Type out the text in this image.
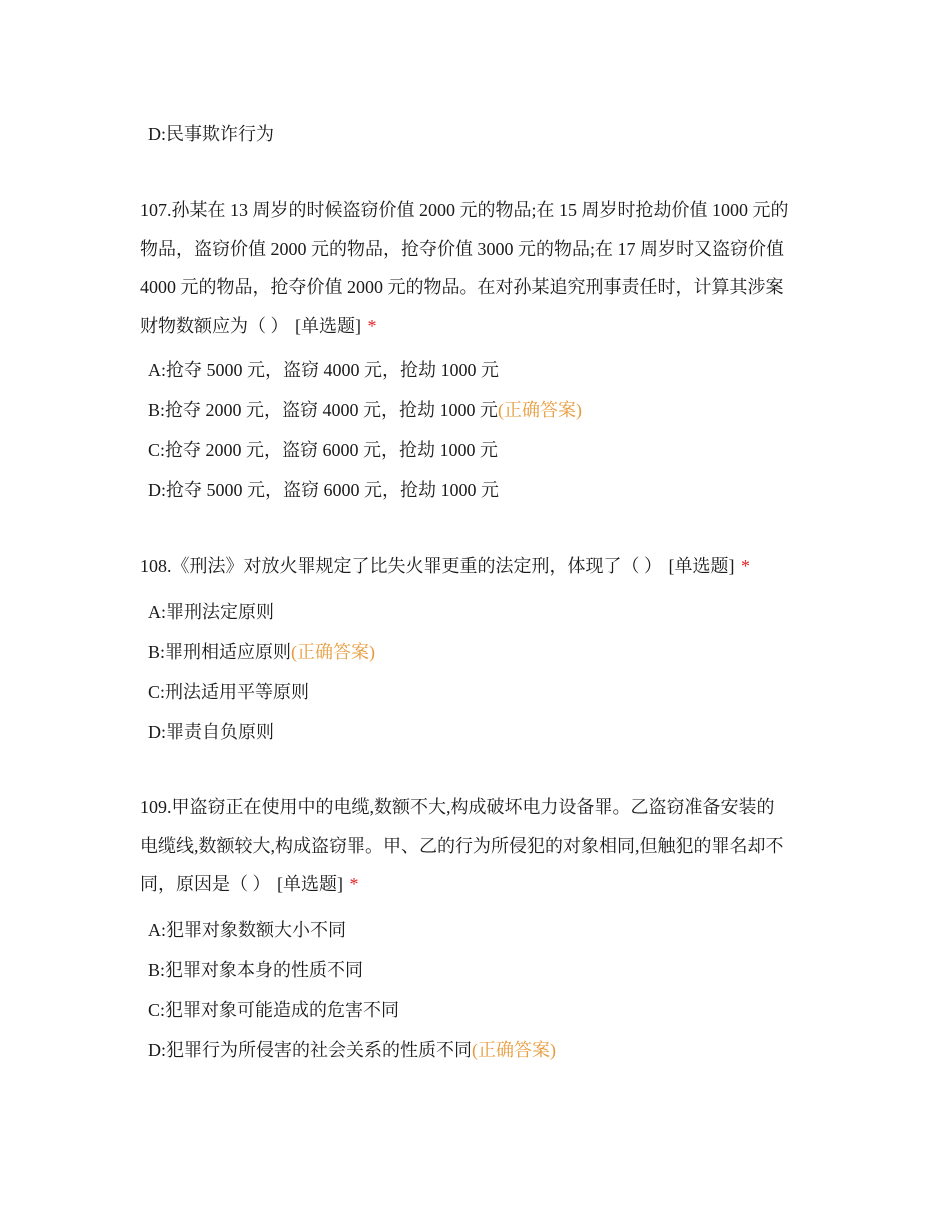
D:民事欺诈行为
107.孙某在 13 周岁的时候盗窃价值 2000 元的物品;在 15 周岁时抢劫价值 1000 元的
物品，盗窃价值 2000 元的物品，抢夺价值 3000 元的物品;在 17 周岁时又盗窃价值
4000 元的物品，抢夺价值 2000 元的物品。在对孙某追究刑事责任时，计算其涉案
财物数额应为（ ） [单选题] *
A:抢夺 5000 元，盗窃 4000 元，抢劫 1000 元
B:抢夺 2000 元，盗窃 4000 元，抢劫 1000 元(正确答案)
C:抢夺 2000 元，盗窃 6000 元，抢劫 1000 元
D:抢夺 5000 元，盗窃 6000 元，抢劫 1000 元
108.《刑法》对放火罪规定了比失火罪更重的法定刑，体现了（ ） [单选题] *
A:罪刑法定原则
B:罪刑相适应原则(正确答案)
C:刑法适用平等原则
D:罪责自负原则
109.甲盗窃正在使用中的电缆,数额不大,构成破坏电力设备罪。乙盗窃准备安装的
电缆线,数额较大,构成盗窃罪。甲、乙的行为所侵犯的对象相同,但触犯的罪名却不
同，原因是（ ） [单选题] *
A:犯罪对象数额大小不同
B:犯罪对象本身的性质不同
C:犯罪对象可能造成的危害不同
D:犯罪行为所侵害的社会关系的性质不同(正确答案)
